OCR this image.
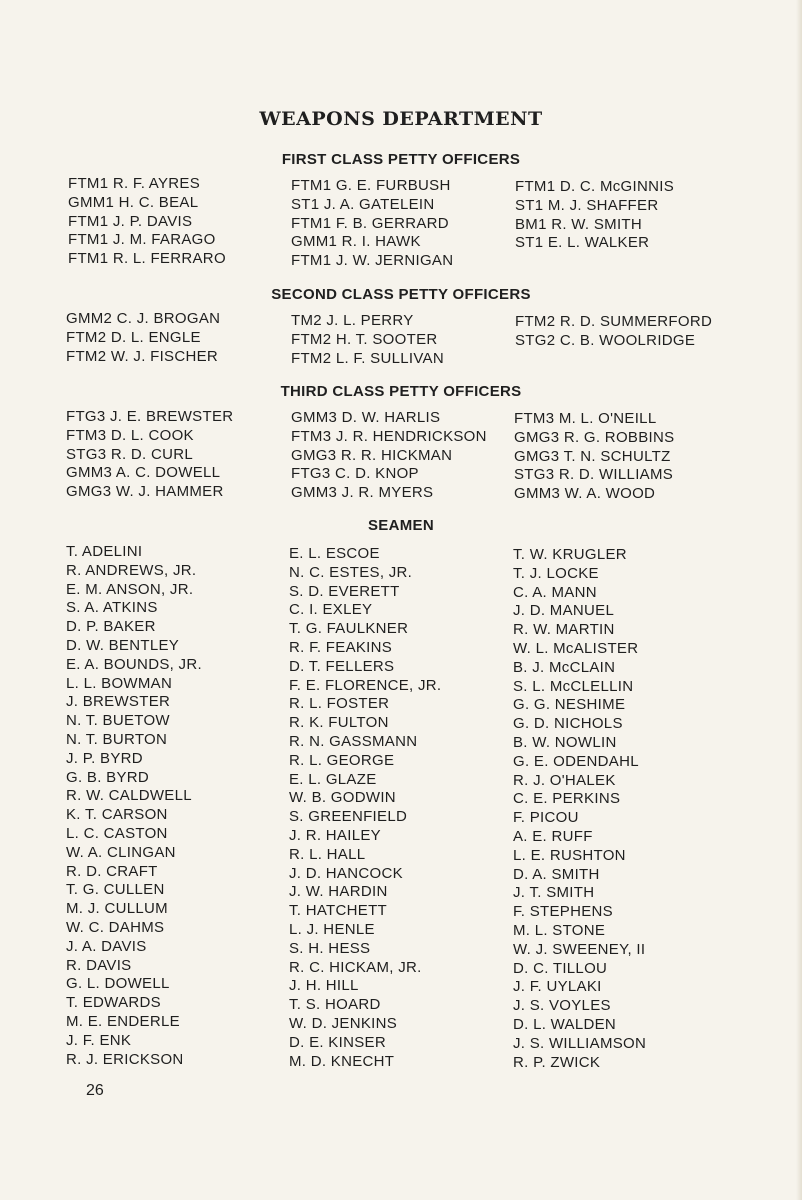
WEAPONS DEPARTMENT
FIRST CLASS PETTY OFFICERS
FTM1 R. F. AYRES
GMM1 H. C. BEAL
FTM1 J. P. DAVIS
FTM1 J. M. FARAGO
FTM1 R. L. FERRARO
FTM1 G. E. FURBUSH
ST1 J. A. GATELEIN
FTM1 F. B. GERRARD
GMM1 R. I. HAWK
FTM1 J. W. JERNIGAN
FTM1 D. C. McGINNIS
ST1 M. J. SHAFFER
BM1 R. W. SMITH
ST1 E. L. WALKER
SECOND CLASS PETTY OFFICERS
GMM2 C. J. BROGAN
FTM2 D. L. ENGLE
FTM2 W. J. FISCHER
TM2 J. L. PERRY
FTM2 H. T. SOOTER
FTM2 L. F. SULLIVAN
FTM2 R. D. SUMMERFORD
STG2 C. B. WOOLRIDGE
THIRD CLASS PETTY OFFICERS
FTG3 J. E. BREWSTER
FTM3 D. L. COOK
STG3 R. D. CURL
GMM3 A. C. DOWELL
GMG3 W. J. HAMMER
GMM3 D. W. HARLIS
FTM3 J. R. HENDRICKSON
GMG3 R. R. HICKMAN
FTG3 C. D. KNOP
GMM3 J. R. MYERS
FTM3 M. L. O'NEILL
GMG3 R. G. ROBBINS
GMG3 T. N. SCHULTZ
STG3 R. D. WILLIAMS
GMM3 W. A. WOOD
SEAMEN
T. ADELINI
R. ANDREWS, JR.
E. M. ANSON, JR.
S. A. ATKINS
D. P. BAKER
D. W. BENTLEY
E. A. BOUNDS, JR.
L. L. BOWMAN
J. BREWSTER
N. T. BUETOW
N. T. BURTON
J. P. BYRD
G. B. BYRD
R. W. CALDWELL
K. T. CARSON
L. C. CASTON
W. A. CLINGAN
R. D. CRAFT
T. G. CULLEN
M. J. CULLUM
W. C. DAHMS
J. A. DAVIS
R. DAVIS
G. L. DOWELL
T. EDWARDS
M. E. ENDERLE
J. F. ENK
R. J. ERICKSON
E. L. ESCOE
N. C. ESTES, JR.
S. D. EVERETT
C. I. EXLEY
T. G. FAULKNER
R. F. FEAKINS
D. T. FELLERS
F. E. FLORENCE, JR.
R. L. FOSTER
R. K. FULTON
R. N. GASSMANN
R. L. GEORGE
E. L. GLAZE
W. B. GODWIN
S. GREENFIELD
J. R. HAILEY
R. L. HALL
J. D. HANCOCK
J. W. HARDIN
T. HATCHETT
L. J. HENLE
S. H. HESS
R. C. HICKAM, JR.
J. H. HILL
T. S. HOARD
W. D. JENKINS
D. E. KINSER
M. D. KNECHT
T. W. KRUGLER
T. J. LOCKE
C. A. MANN
J. D. MANUEL
R. W. MARTIN
W. L. McALISTER
B. J. McCLAIN
S. L. McCLELLIN
G. G. NESHIME
G. D. NICHOLS
B. W. NOWLIN
G. E. ODENDAHL
R. J. O'HALEK
C. E. PERKINS
F. PICOU
A. E. RUFF
L. E. RUSHTON
D. A. SMITH
J. T. SMITH
F. STEPHENS
M. L. STONE
W. J. SWEENEY, II
D. C. TILLOU
J. F. UYLAKI
J. S. VOYLES
D. L. WALDEN
J. S. WILLIAMSON
R. P. ZWICK
26
